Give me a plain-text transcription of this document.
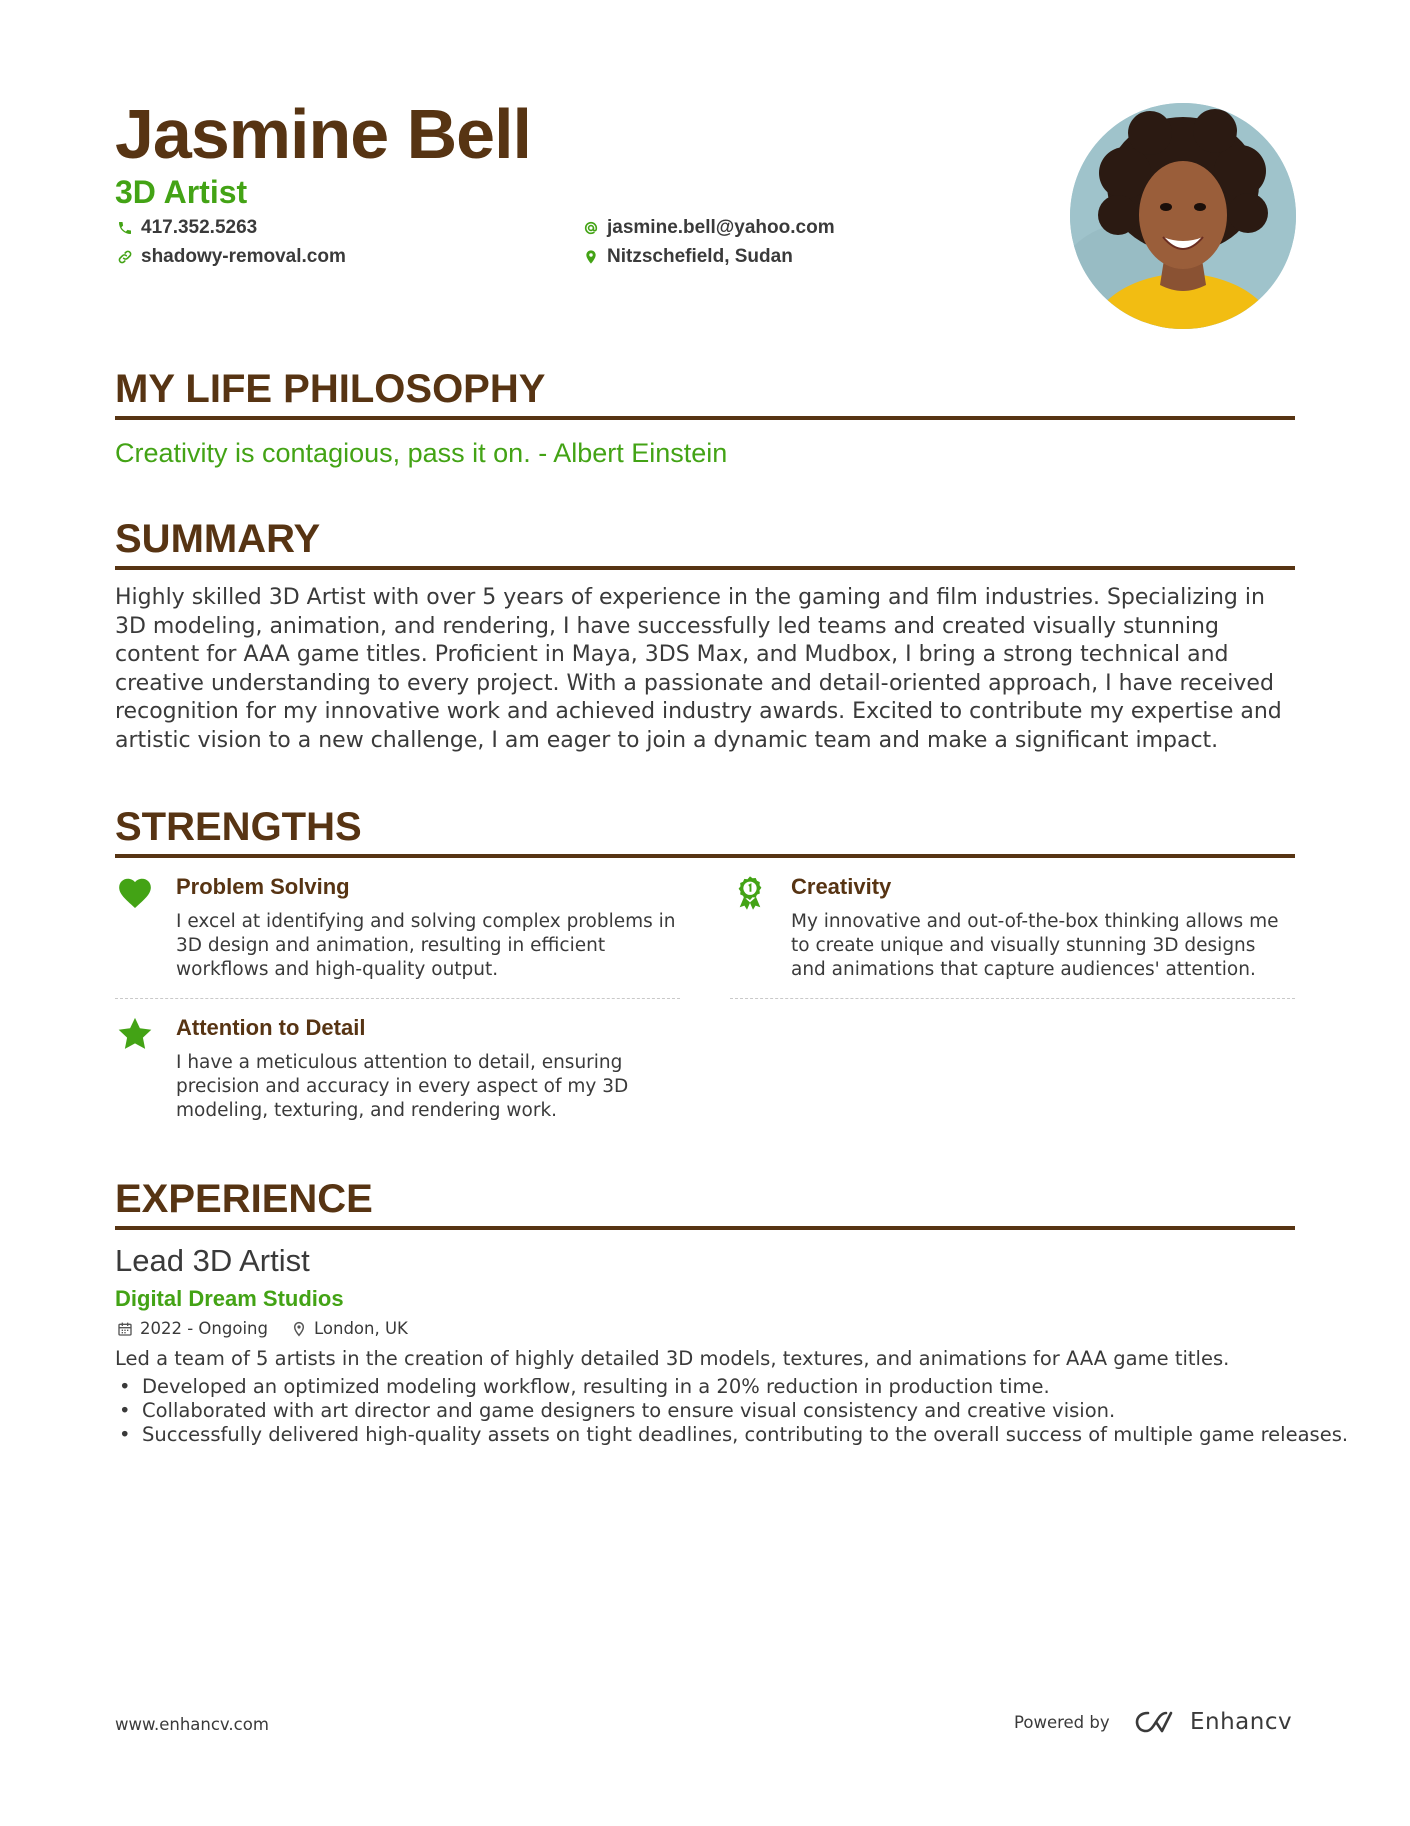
Jasmine Bell
3D Artist
417.352.5263	jasmine.bell@yahoo.com
shadowy-removal.com	Nitzschefield, Sudan
MY LIFE PHILOSOPHY
Creativity is contagious, pass it on. - Albert Einstein
SUMMARY

Highly skilled 3D Artist with over 5 years of experience in the gaming and film industries. Specializing in 3D modeling, animation, and rendering, I have successfully led teams and created visually stunning content for AAA game titles. Proficient in Maya, 3DS Max, and Mudbox, I bring a strong technical and creative understanding to every project. With a passionate and detail-oriented approach, I have received recognition for my innovative work and achieved industry awards. Excited to contribute my expertise and artistic vision to a new challenge, I am eager to join a dynamic team and make a significant impact.

STRENGTHS
Problem Solving

I excel at identifying and solving complex problems in 3D design and animation, resulting in efficient workflows and high-quality output.

Creativity

My innovative and out-of-the-box thinking allows me to create unique and visually stunning 3D designs and animations that capture audiences' attention.

Attention to Detail

I have a meticulous attention to detail, ensuring precision and accuracy in every aspect of my 3D modeling, texturing, and rendering work.

EXPERIENCE
Lead 3D Artist
Digital Dream Studios
2022 - Ongoing	London, UK

Led a team of 5 artists in the creation of highly detailed 3D models, textures, and animations for AAA game titles.

• Developed an optimized modeling workflow, resulting in a 20% reduction in production time.
• Collaborated with art director and game designers to ensure visual consistency and creative vision.
• Successfully delivered high-quality assets on tight deadlines, contributing to the overall success of multiple game releases.
www.enhancv.com	Powered by	Enhancv
